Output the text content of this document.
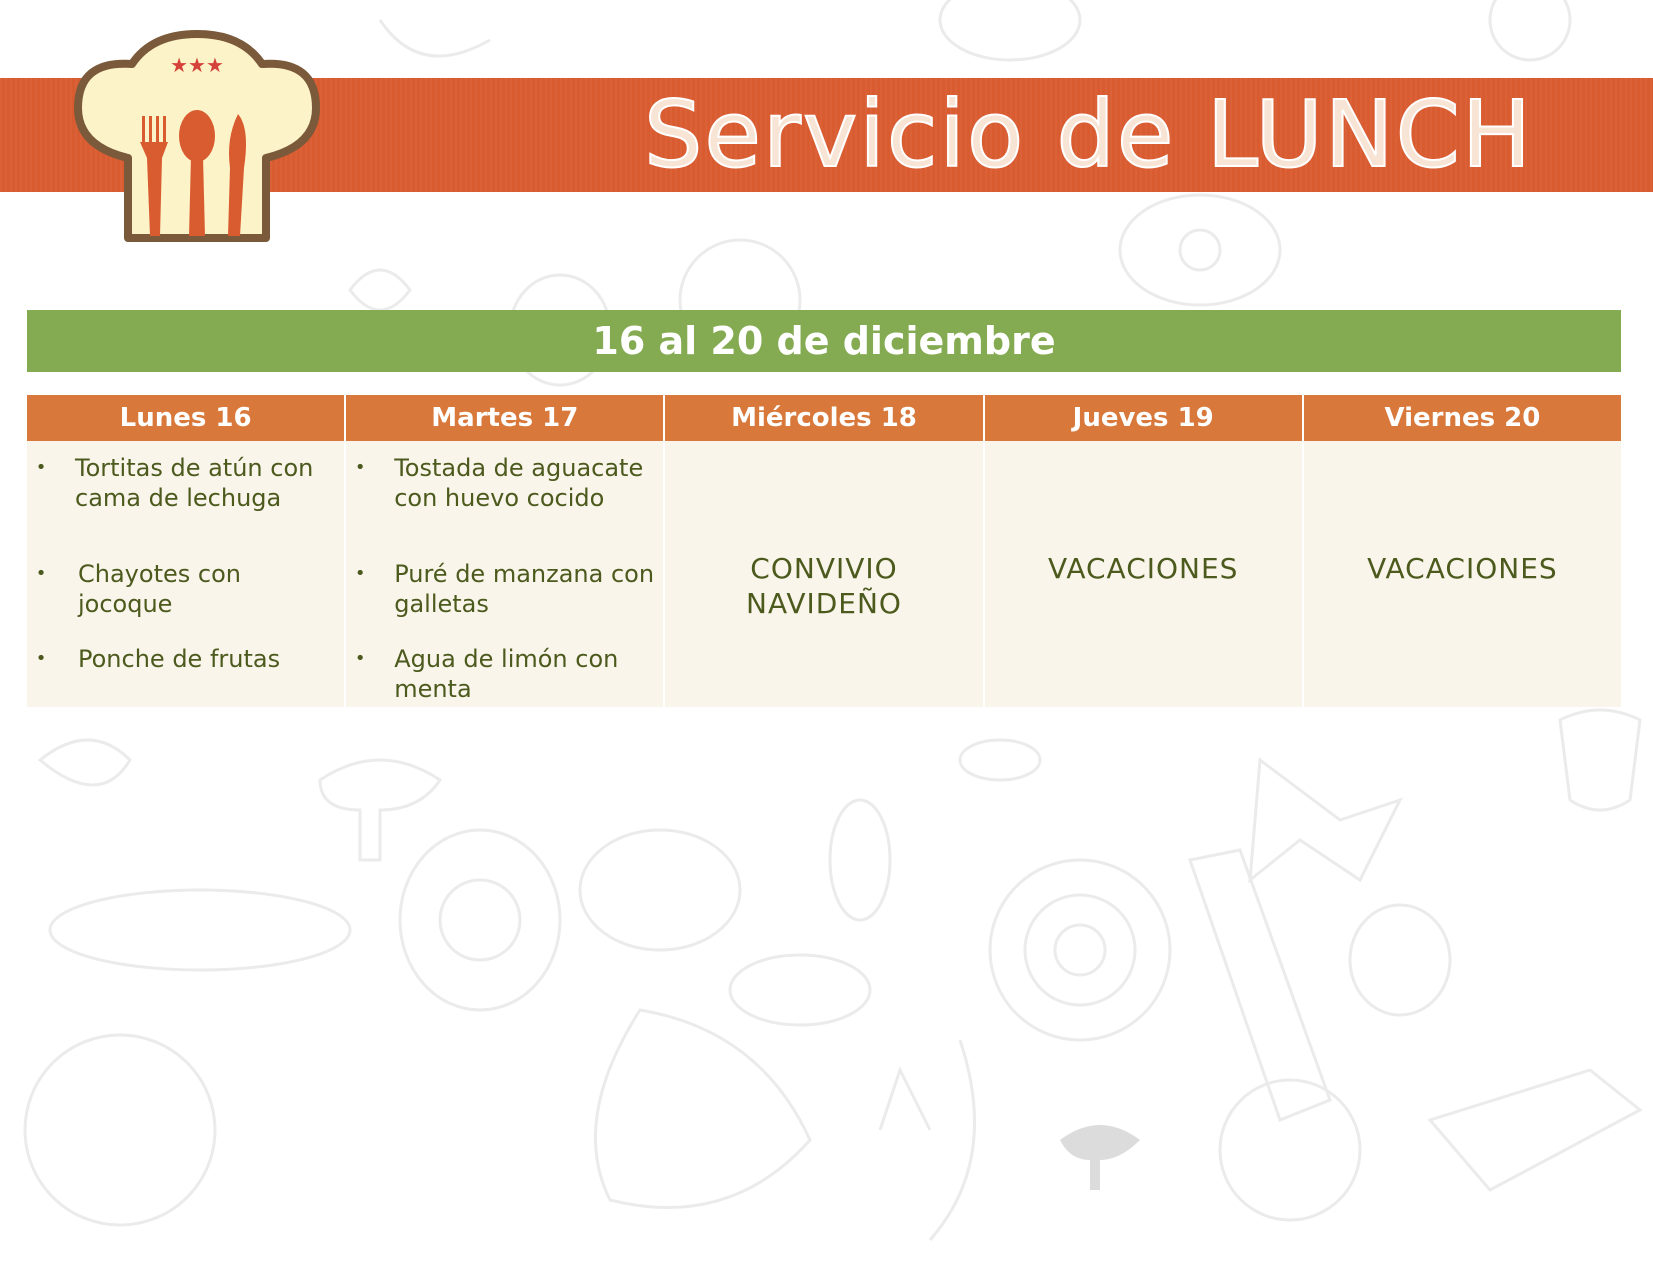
Servicio de LUNCH
★★★
16 al 20 de diciembre
Lunes 16
• Tortitas de atún con cama de lechuga
• Chayotes con jocoque
• Ponche de frutas
Martes 17
• Tostada de aguacate con huevo cocido
• Puré de manzana con galletas
• Agua de limón con menta
Miércoles 18
CONVIVIO
NAVIDEÑO
Jueves 19
VACACIONES
Viernes 20
VACACIONES
